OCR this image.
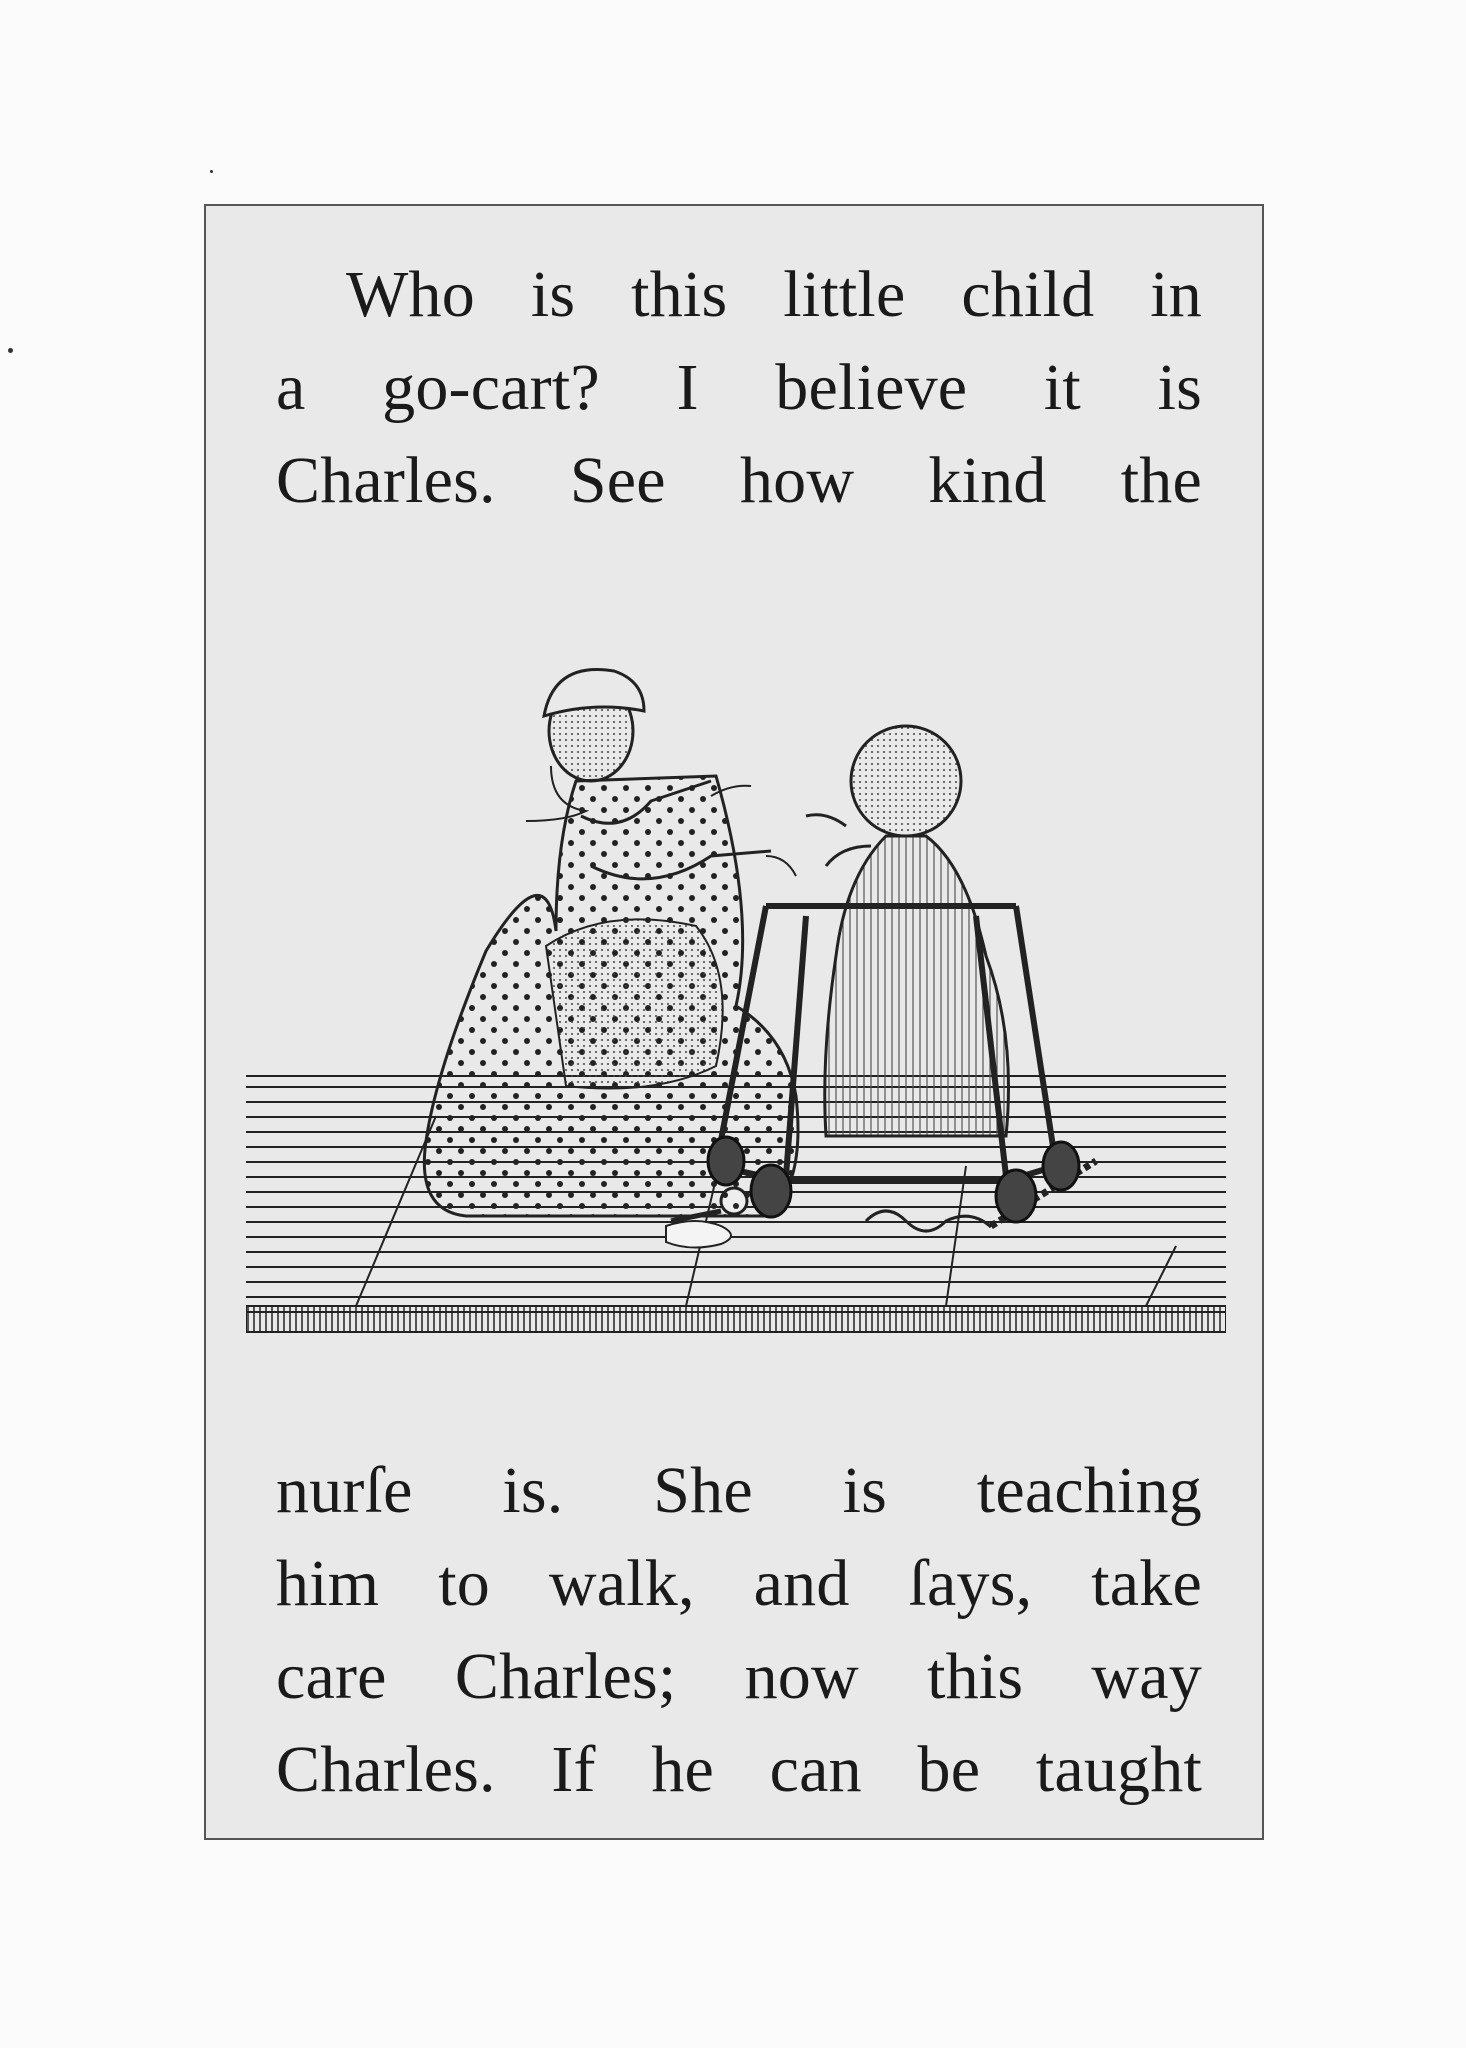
Who is this little child in
a go-cart? I believe it is
Charles. See how kind the
nurſe is. She is teaching
him to walk, and ſays, take
care Charles; now this way
Charles. If he can be taught
